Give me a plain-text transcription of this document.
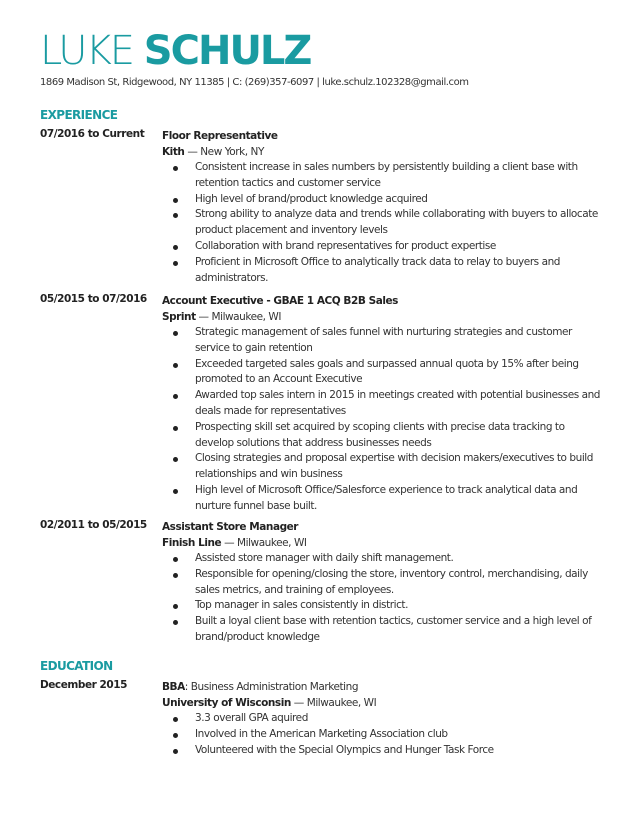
LUKE SCHULZ
1869 Madison St, Ridgewood, NY 11385 | C: (269)357-6097 | luke.schulz.102328@gmail.com
EXPERIENCE
07/2016 to Current Floor Representative
Kith — New York, NY
Consistent increase in sales numbers by persistently building a client base with retention tactics and customer service
High level of brand/product knowledge acquired
Strong ability to analyze data and trends while collaborating with buyers to allocate product placement and inventory levels
Collaboration with brand representatives for product expertise
Proficient in Microsoft Office to analytically track data to relay to buyers and administrators.
05/2015 to 07/2016 Account Executive - GBAE 1 ACQ B2B Sales
Sprint — Milwaukee, WI
Strategic management of sales funnel with nurturing strategies and customer service to gain retention
Exceeded targeted sales goals and surpassed annual quota by 15% after being promoted to an Account Executive
Awarded top sales intern in 2015 in meetings created with potential businesses and deals made for representatives
Prospecting skill set acquired by scoping clients with precise data tracking to develop solutions that address businesses needs
Closing strategies and proposal expertise with decision makers/executives to build relationships and win business
High level of Microsoft Office/Salesforce experience to track analytical data and nurture funnel base built.
02/2011 to 05/2015 Assistant Store Manager
Finish Line — Milwaukee, WI
Assisted store manager with daily shift management.
Responsible for opening/closing the store, inventory control, merchandising, daily sales metrics, and training of employees.
Top manager in sales consistently in district.
Built a loyal client base with retention tactics, customer service and a high level of brand/product knowledge
EDUCATION
December 2015	BBA: Business Administration Marketing
University of Wisconsin — Milwaukee, WI
3.3 overall GPA aquired
Involved in the American Marketing Association club
Volunteered with the Special Olympics and Hunger Task Force
